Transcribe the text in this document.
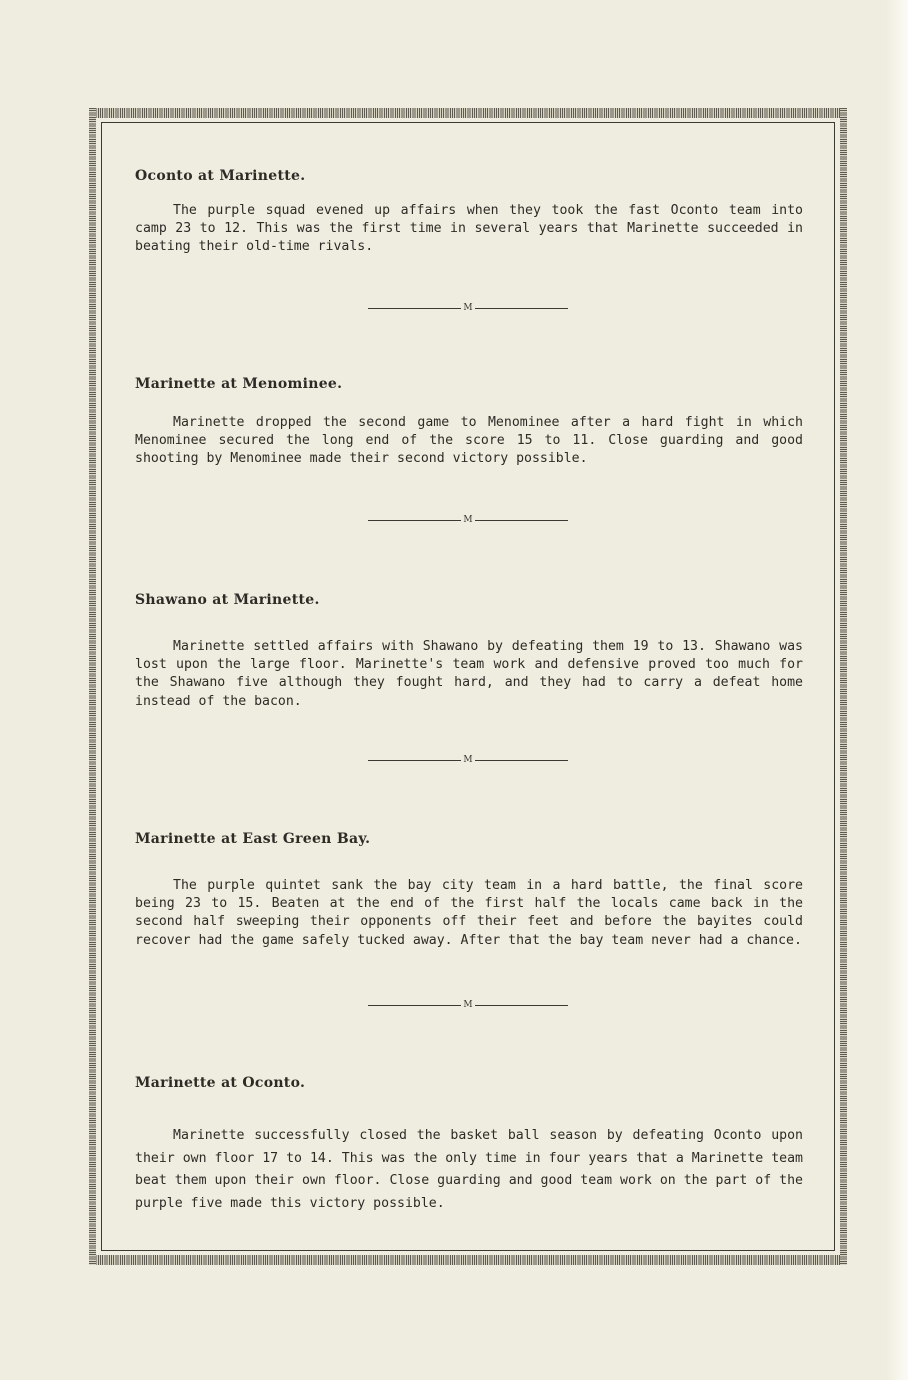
Oconto at Marinette.

The purple squad evened up affairs when they took the fast Oconto team into camp 23 to 12. This was the first time in several years that Marinette succeeded in beating their old-time rivals.

M
Marinette at Menominee.

Marinette dropped the second game to Menominee after a hard fight in which Menominee secured the long end of the score 15 to 11. Close guarding and good shooting by Menominee made their second victory possible.

M
Shawano at Marinette.

Marinette settled affairs with Shawano by defeating them 19 to 13. Shawano was lost upon the large floor. Marinette's team work and defensive proved too much for the Shawano five although they fought hard, and they had to carry a defeat home instead of the bacon.

M
Marinette at East Green Bay.

The purple quintet sank the bay city team in a hard battle, the final score being 23 to 15. Beaten at the end of the first half the locals came back in the second half sweeping their opponents off their feet and before the bayites could recover had the game safely tucked away. After that the bay team never had a chance.

M
Marinette at Oconto.

Marinette successfully closed the basket ball season by defeating Oconto upon their own floor 17 to 14. This was the only time in four years that a Marinette team beat them upon their own floor. Close guarding and good team work on the part of the purple five made this victory possible.
